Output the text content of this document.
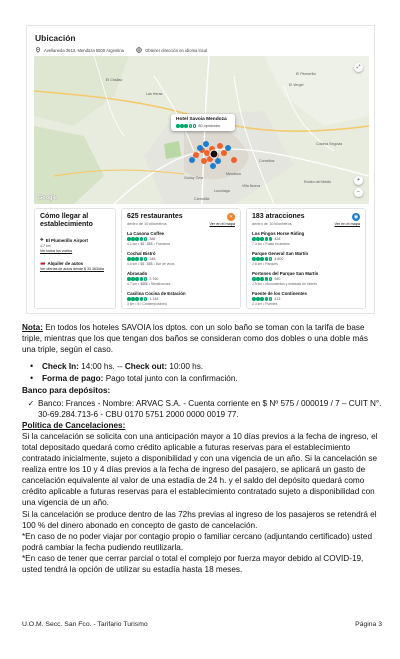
Ubicación
Avellaneda 3613, Mendoza 5500 Argentina	Obtener dirección en idioma local
Las Heras
El Challao
El Vergel
El Plumerillo
Mendoza
Corralitos
Godoy Cruz
Villa Nueva
Luzuriaga
Carrodilla
Rodeo del Medio
Colonia Segovia
Hotel Savoia Mendoza
80 opiniones
⤢
+
−
Google
Cómo llegar al establecimiento
✈ El Plumerillo Airport
4.7 km
Ver todos los vuelos
🚗 Alquiler de autos
Ver ofertas de autos desde $ 33.363/día
625 restaurantes
dentro de 10 kilómetros
✕
Ver en el mapa
La Casona Coffee
388
4.1 km • $$ - $$$ • Francesa
Cochal Bistró
348
4.6 km • $$ - $$$ • Bar de vinos
Abrasado
2.760
4.7 km • $$$$ • Steakhouses
Casilina Cocina de Estación
1.148
3 km • $ • Contemporánea
183 atracciones
dentro de 10 kilómetros
◉
Ver en el mapa
Los Pingos Horse Riding
428
7.4 km • Rutas ecuestres
Parque General San Martín
4.800
2.6 km • Parques
Portones del Parque San Martín
940
2.9 km • Monumentos y estatuas de interés
Fuente de los Continentes
413
2.4 km • Fuentes

Nota: En todos los hoteles SAVOIA los dptos. con un solo baño se toman con la tarifa de base triple, mientras que los que tengan dos baños se consideran como dos dobles o una doble más una triple, según el caso.

• Check In: 14:00 hs. -- Check out: 10:00 hs.
• Forma de pago: Pago total junto con la confirmación.

Banco para depósitos:

✓ Banco: Frances - Nombre: ARVAC S.A. - Cuenta corriente en $ Nº 575 / 000019 / 7 – CUIT N°. 30-69.284.713-6 - CBU 0170 5751 2000 0000 0019 77.

Política de Cancelaciones:

Si la cancelación se solicita con una anticipación mayor a 10 días previos a la fecha de ingreso, el total depositado quedará como crédito aplicable a futuras reservas para el establecimiento contratado inicialmente, sujeto a disponibilidad y con una vigencia de un año. Si la cancelación se realiza entre los 10 y 4 días previos a la fecha de ingreso del pasajero, se aplicará un gasto de cancelación equivalente al valor de una estadía de 24 h. y el saldo del depósito quedará como crédito aplicable a futuras reservas para el establecimiento contratado sujeto a disponibilidad con una vigencia de un año.

Si la cancelación se produce dentro de las 72hs previas al ingreso de los pasajeros se retendrá el 100 % del dinero abonado en concepto de gasto de cancelación.

*En caso de no poder viajar por contagio propio o familiar cercano (adjuntando certificado) usted podrá cambiar la fecha pudiendo reutilizarla.

*En caso de tener que cerrar parcial o total el complejo por fuerza mayor debido al COVID-19, usted tendrá la opción de utilizar su estadía hasta 18 meses.

U.O.M. Secc. San Fco. - Tarifario Turismo	Página 3
